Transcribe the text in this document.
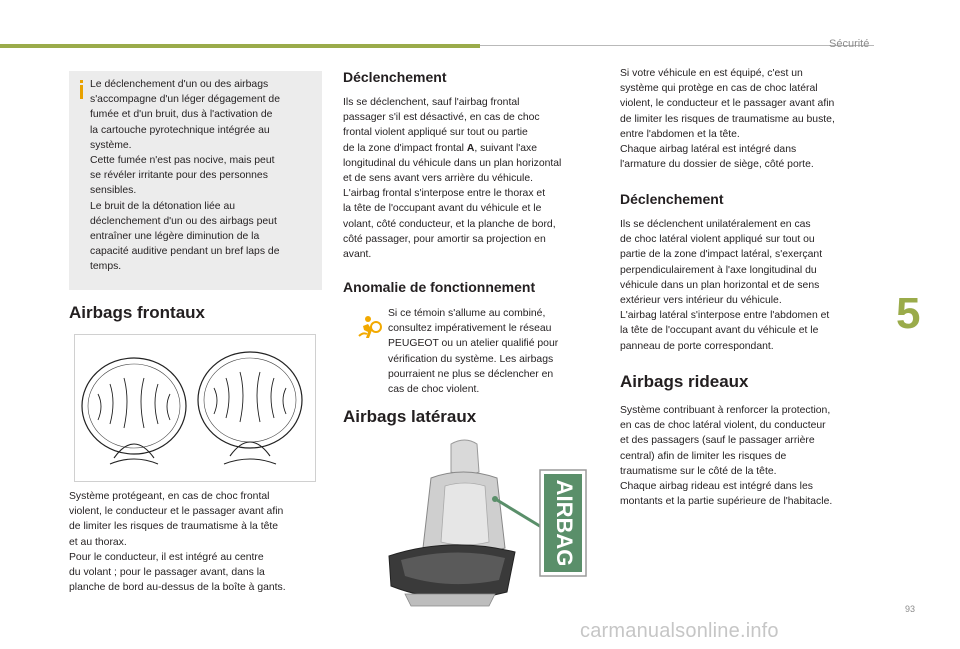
Sécurité
5
93
carmanualsonline.info
Le déclenchement d'un ou des airbags
s'accompagne d'un léger dégagement de
fumée et d'un bruit, dus à l'activation de
la cartouche pyrotechnique intégrée au
système.
Cette fumée n'est pas nocive, mais peut
se révéler irritante pour des personnes
sensibles.
Le bruit de la détonation liée au
déclenchement d'un ou des airbags peut
entraîner une légère diminution de la
capacité auditive pendant un bref laps de
temps.
Airbags frontaux
Système protégeant, en cas de choc frontal
violent, le conducteur et le passager avant afin
de limiter les risques de traumatisme à la tête
et au thorax.
Pour le conducteur, il est intégré au centre
du volant ; pour le passager avant, dans la
planche de bord au-dessus de la boîte à gants.
Déclenchement
Ils se déclenchent, sauf l'airbag frontal
passager s'il est désactivé, en cas de choc
frontal violent appliqué sur tout ou partie
de la zone d'impact frontal A, suivant l'axe
longitudinal du véhicule dans un plan horizontal
et de sens avant vers arrière du véhicule.
L'airbag frontal s'interpose entre le thorax et
la tête de l'occupant avant du véhicule et le
volant, côté conducteur, et la planche de bord,
côté passager, pour amortir sa projection en
avant.
Anomalie de fonctionnement
Si ce témoin s'allume au combiné,
consultez impérativement le réseau
PEUGEOT ou un atelier qualifié pour
vérification du système. Les airbags
pourraient ne plus se déclencher en
cas de choc violent.
Airbags latéraux
AIRBAG
Si votre véhicule en est équipé, c'est un
système qui protège en cas de choc latéral
violent, le conducteur et le passager avant afin
de limiter les risques de traumatisme au buste,
entre l'abdomen et la tête.
Chaque airbag latéral est intégré dans
l'armature du dossier de siège, côté porte.
Déclenchement
Ils se déclenchent unilatéralement en cas
de choc latéral violent appliqué sur tout ou
partie de la zone d'impact latéral, s'exerçant
perpendiculairement à l'axe longitudinal du
véhicule dans un plan horizontal et de sens
extérieur vers intérieur du véhicule.
L'airbag latéral s'interpose entre l'abdomen et
la tête de l'occupant avant du véhicule et le
panneau de porte correspondant.
Airbags rideaux
Système contribuant à renforcer la protection,
en cas de choc latéral violent, du conducteur
et des passagers (sauf le passager arrière
central) afin de limiter les risques de
traumatisme sur le côté de la tête.
Chaque airbag rideau est intégré dans les
montants et la partie supérieure de l'habitacle.
